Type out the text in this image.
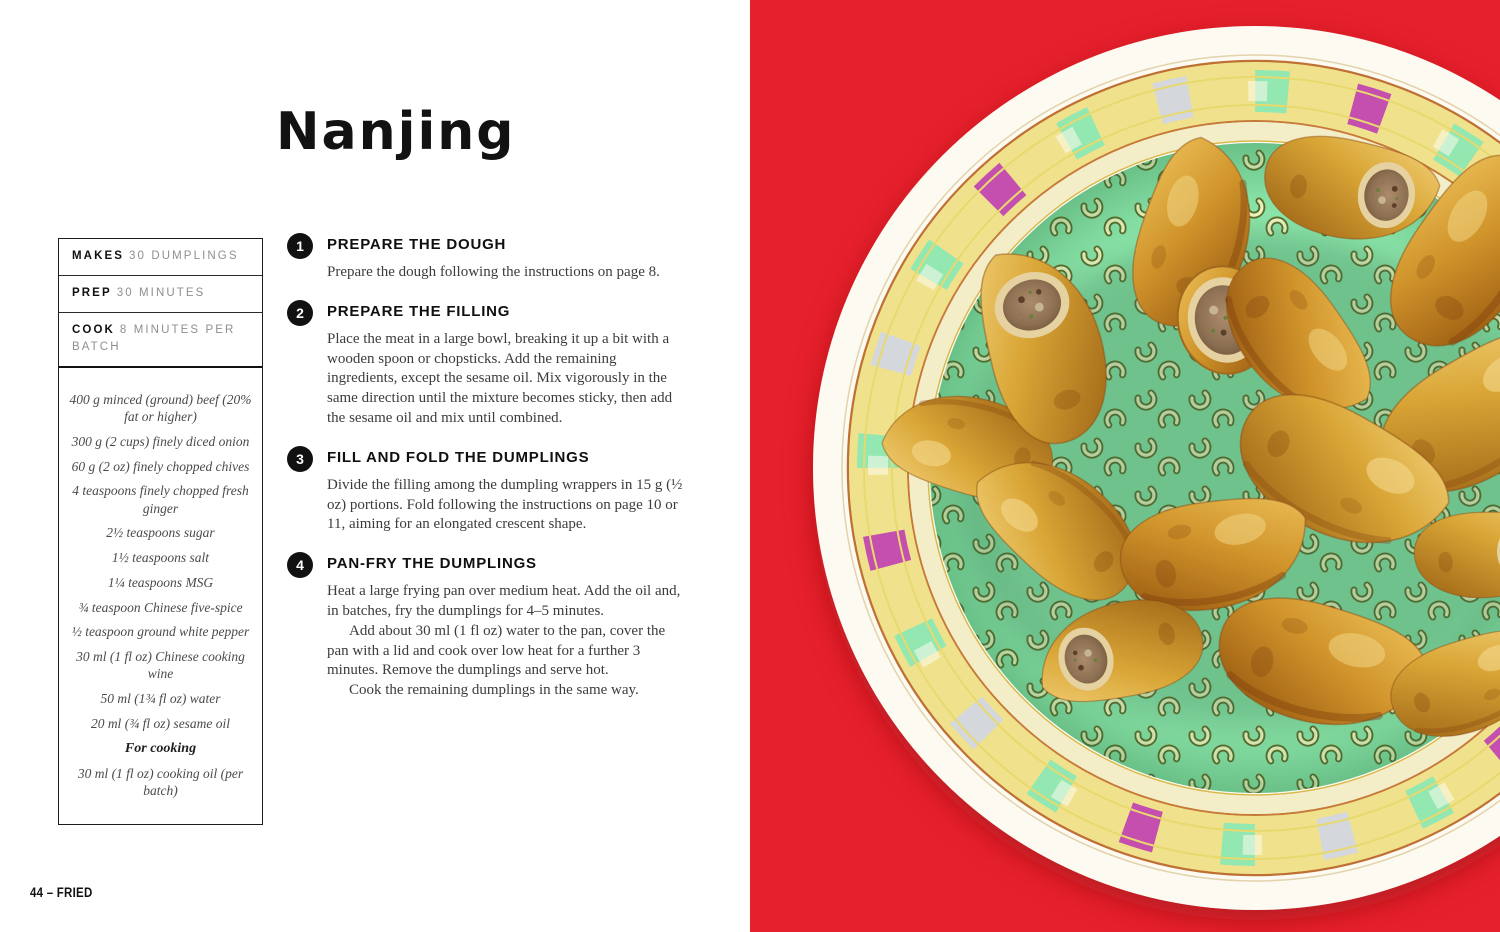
Nanjing
MAKES 30 DUMPLINGS
PREP 30 MINUTES
COOK 8 MINUTES PER BATCH

400 g minced (ground) beef (20% fat or higher)

300 g (2 cups) finely diced onion

60 g (2 oz) finely chopped chives

4 teaspoons finely chopped fresh ginger

2½ teaspoons sugar

1½ teaspoons salt

1¼ teaspoons MSG

¾ teaspoon Chinese five-spice

½ teaspoon ground white pepper

30 ml (1 fl oz) Chinese cooking wine

50 ml (1¾ fl oz) water

20 ml (¾ fl oz) sesame oil

For cooking

30 ml (1 fl oz) cooking oil (per batch)

1	PREPARE THE DOUGH

Prepare the dough following the instructions on page 8.

2	PREPARE THE FILLING

Place the meat in a large bowl, breaking it up a bit with a wooden spoon or chopsticks. Add the remaining ingredients, except the sesame oil. Mix vigorously in the same direction until the mixture becomes sticky, then add the sesame oil and mix until combined.

3	FILL AND FOLD THE DUMPLINGS

Divide the filling among the dumpling wrappers in 15 g (½ oz) portions. Fold following the instructions on page 10 or 11, aiming for an elongated crescent shape.

4	PAN-FRY THE DUMPLINGS

Heat a large frying pan over medium heat. Add the oil and, in batches, fry the dumplings for 4–5 minutes.

Add about 30 ml (1 fl oz) water to the pan, cover the pan with a lid and cook over low heat for a further 3 minutes. Remove the dumplings and serve hot.

Cook the remaining dumplings in the same way.

44 – FRIED
